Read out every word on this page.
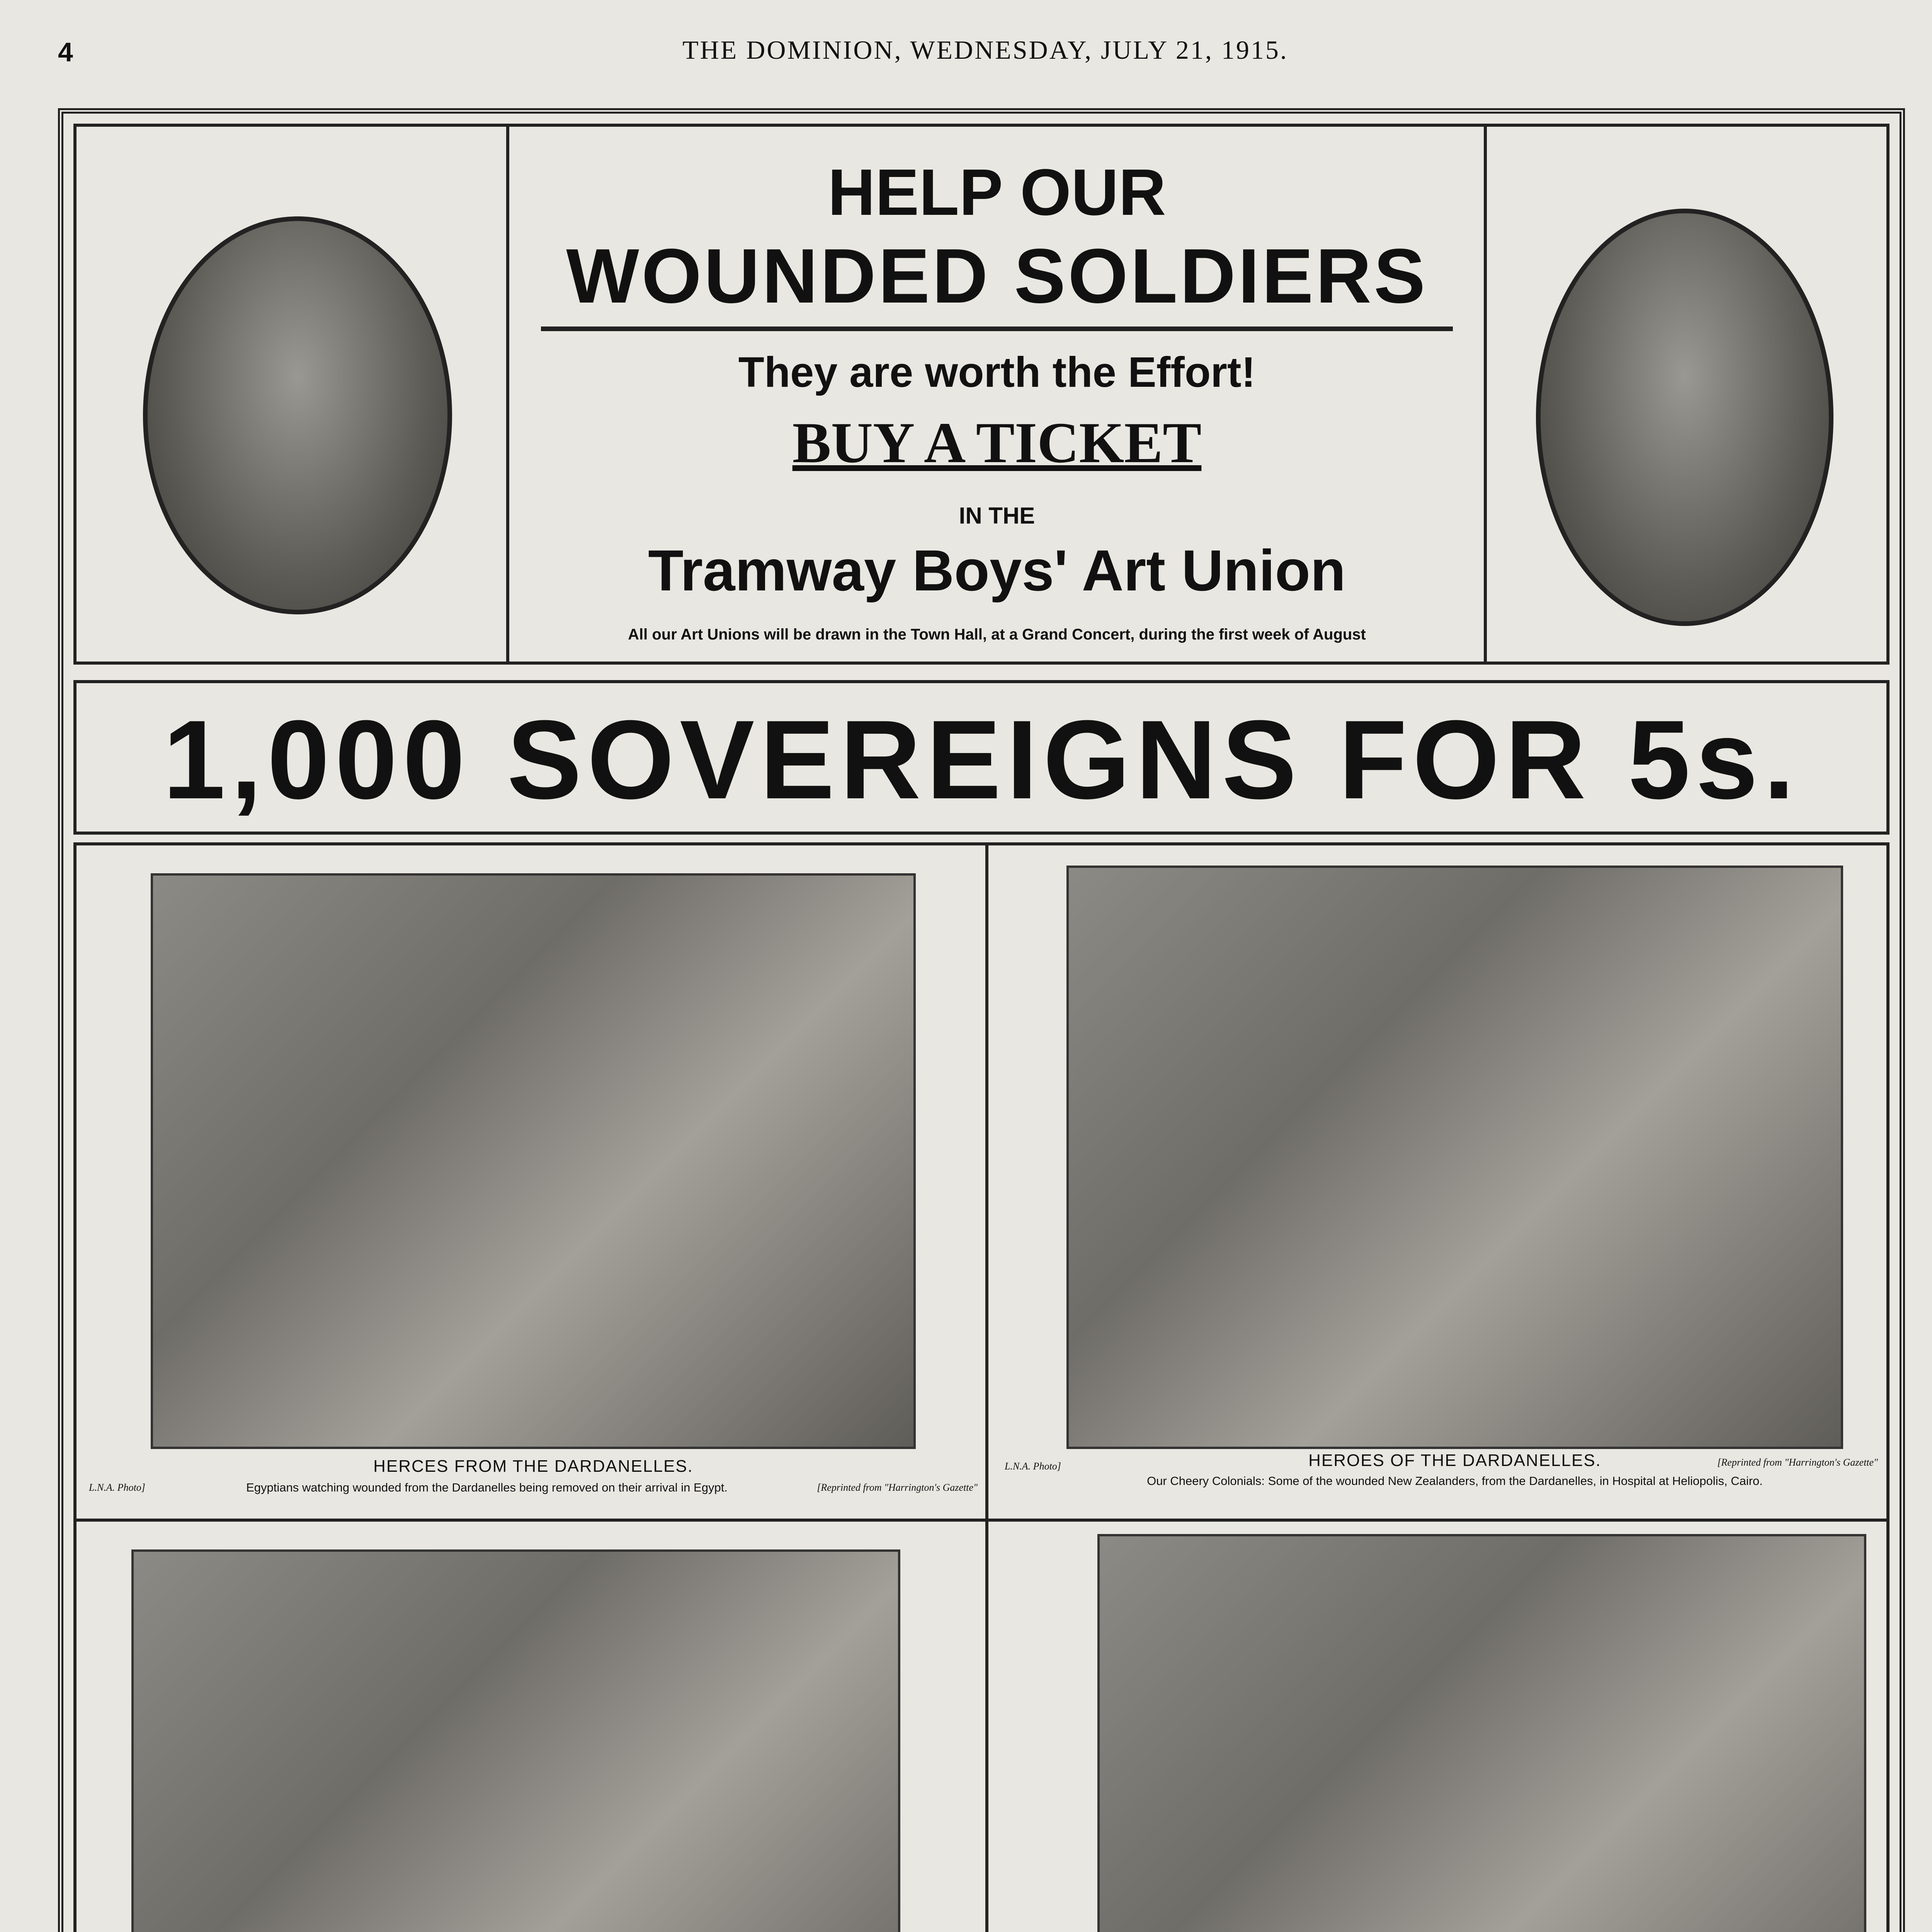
4	THE DOMINION, WEDNESDAY, JULY 21, 1915.
HELP OUR
WOUNDED SOLDIERS
They are worth the Effort!
BUY A TICKET
IN THE
Tramway Boys' Art Union
All our Art Unions will be drawn in the Town Hall, at a Grand Concert, during the first week of August
1,000 SOVEREIGNS FOR 5s.
HERCES FROM THE DARDANELLES.
L.N.A. Photo]	Egyptians watching wounded from the Dardanelles being removed on their arrival in Egypt.	[Reprinted from "Harrington's Gazette"
HEROES OF THE DARDANELLES.
L.N.A. Photo]	[Reprinted from "Harrington's Gazette"
Our Cheery Colonials: Some of the wounded New Zealanders, from the Dardanelles, in Hospital at Heliopolis, Cairo.
